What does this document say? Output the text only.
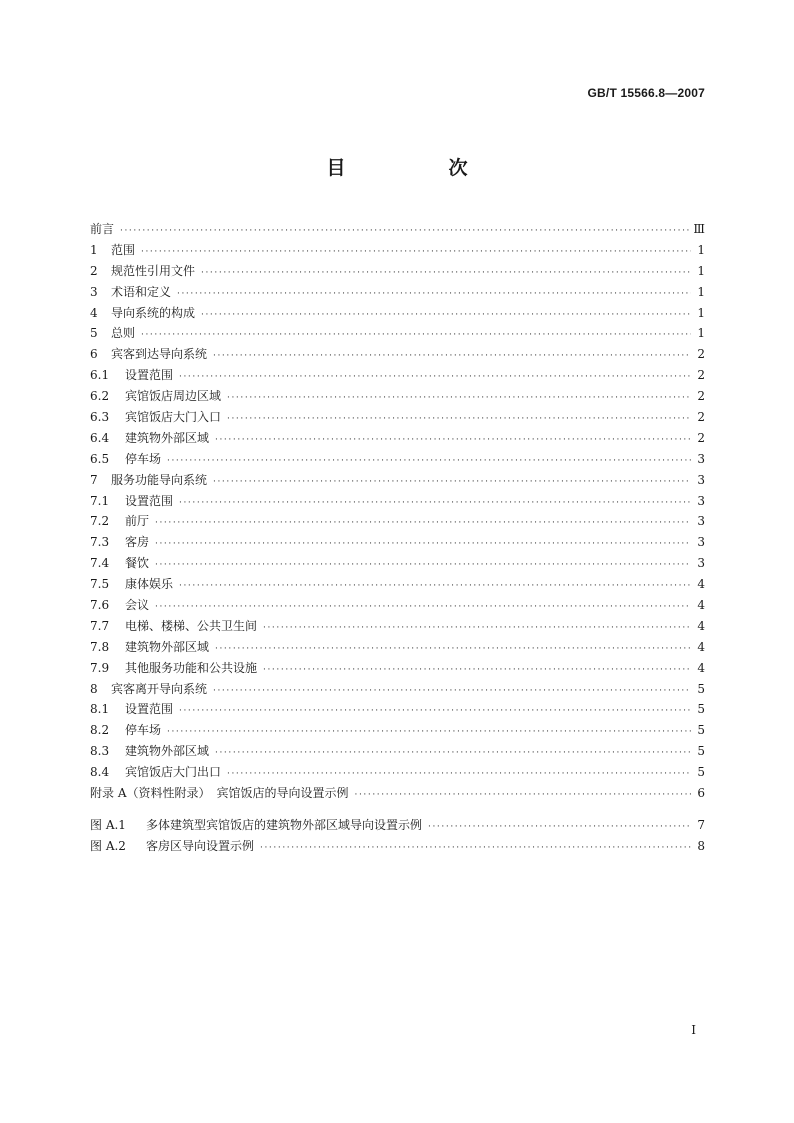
GB/T 15566.8—2007
目　次
前言 ·····	Ⅲ
1	范围 ·····	1
2	规范性引用文件 ·····	1
3	术语和定义 ·····	1
4	导向系统的构成 ·····	1
5	总则 ·····	1
6	宾客到达导向系统 ·····	2
6.1	设置范围 ·····	2
6.2	宾馆饭店周边区域 ·····	2
6.3	宾馆饭店大门入口 ·····	2
6.4	建筑物外部区域 ·····	2
6.5	停车场 ·····	3
7	服务功能导向系统 ·····	3
7.1	设置范围 ·····	3
7.2	前厅 ·····	3
7.3	客房 ·····	3
7.4	餐饮 ·····	3
7.5	康体娱乐 ·····	4
7.6	会议 ·····	4
7.7	电梯、楼梯、公共卫生间 ·····	4
7.8	建筑物外部区域 ·····	4
7.9	其他服务功能和公共设施 ·····	4
8	宾客离开导向系统 ·····	5
8.1	设置范围 ·····	5
8.2	停车场 ·····	5
8.3	建筑物外部区域 ·····	5
8.4	宾馆饭店大门出口 ·····	5
附录 A（资料性附录）　宾馆饭店的导向设置示例 ·····	6
图 A.1	多体建筑型宾馆饭店的建筑物外部区域导向设置示例 ·····	7
图 A.2	客房区导向设置示例 ·····	8
I
